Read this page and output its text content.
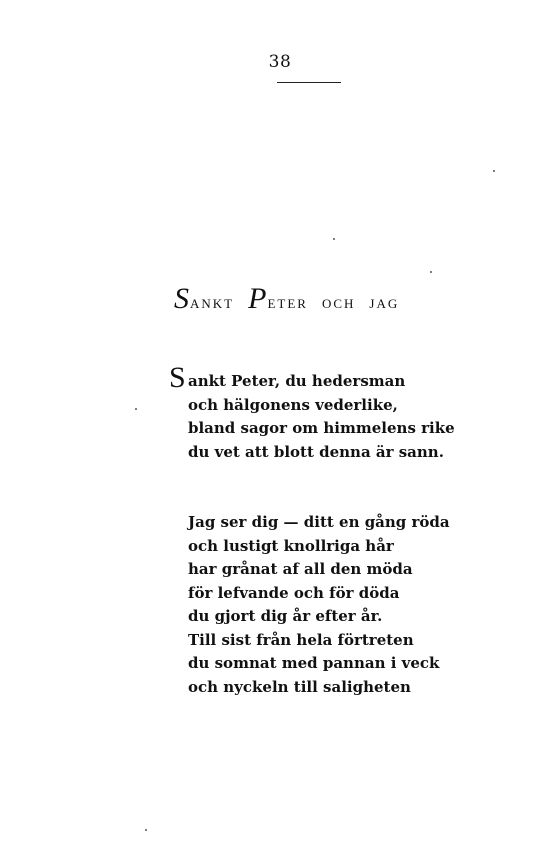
38
S ANKT P ETER OCH JAG
S ankt Peter, du hedersman
och hälgonens vederlike,
bland sagor om himmelens rike
du vet att blott denna är sann.
Jag ser dig — ditt en gång röda
och lustigt knollriga hår
har grånat af all den möda
för lefvande och för döda
du gjort dig år efter år.
Till sist från hela förtreten
du somnat med pannan i veck
och nyckeln till saligheten
